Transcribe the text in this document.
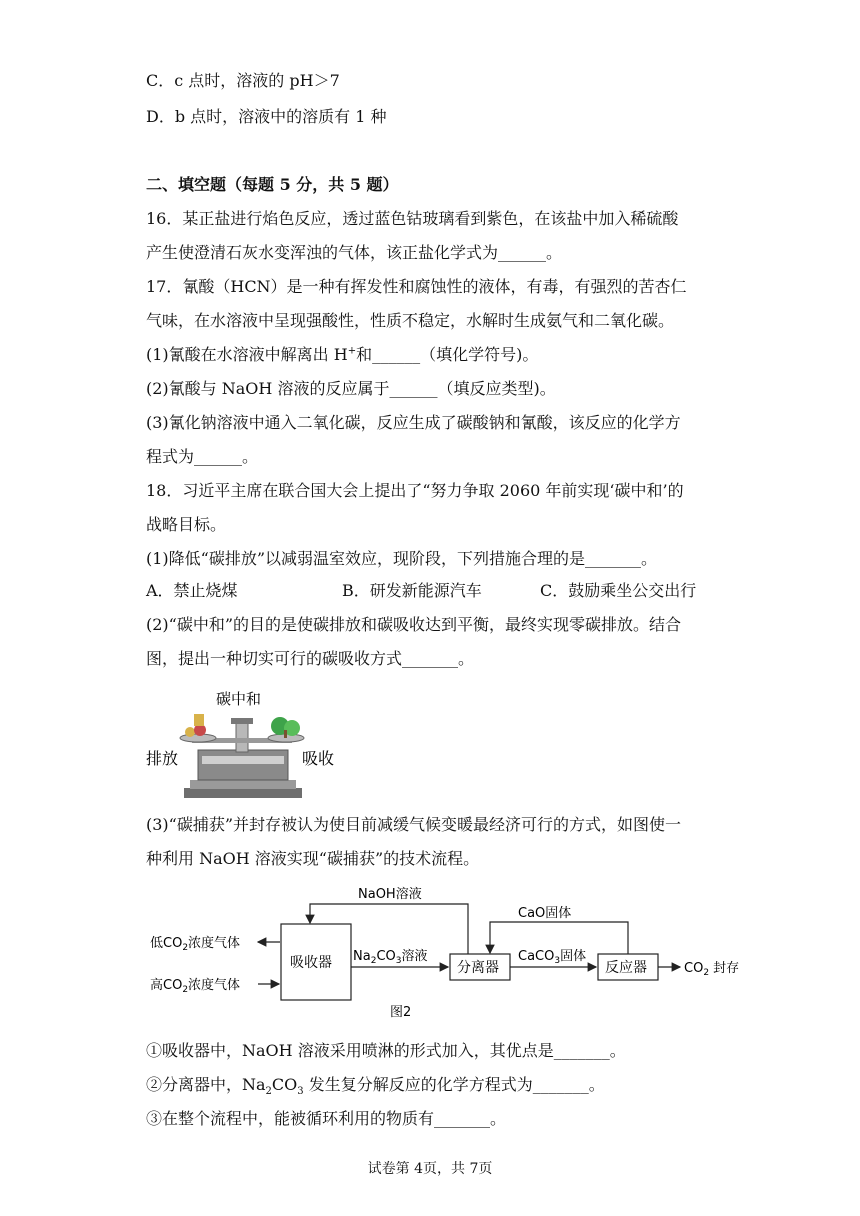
C．c 点时，溶液的 pH＞7
D．b 点时，溶液中的溶质有 1 种
二、填空题（每题 5 分，共 5 题）
16．某正盐进行焰色反应，透过蓝色钴玻璃看到紫色，在该盐中加入稀硫酸
产生使澄清石灰水变浑浊的气体，该正盐化学式为______。
17．氰酸（HCN）是一种有挥发性和腐蚀性的液体，有毒，有强烈的苦杏仁
气味，在水溶液中呈现强酸性，性质不稳定，水解时生成氨气和二氧化碳。
(1)氰酸在水溶液中解离出 H+和______（填化学符号)。
(2)氰酸与 NaOH 溶液的反应属于______（填反应类型)。
(3)氰化钠溶液中通入二氧化碳，反应生成了碳酸钠和氰酸，该反应的化学方
程式为______。
18．习近平主席在联合国大会上提出了“努力争取 2060 年前实现‘碳中和’的
战略目标。
(1)降低“碳排放”以减弱温室效应，现阶段，下列措施合理的是_______。
A．禁止烧煤	B．研发新能源汽车	C．鼓励乘坐公交出行
(2)“碳中和”的目的是使碳排放和碳吸收达到平衡，最终实现零碳排放。结合
图，提出一种切实可行的碳吸收方式_______。
碳中和
排放	吸收
(3)“碳捕获”并封存被认为使目前减缓气候变暖最经济可行的方式，如图使一
种利用 NaOH 溶液实现“碳捕获”的技术流程。
吸收器	分离器	反应器
NaOH溶液
CaO固体
$Na_2CO_3$溶液	CaCO$_3$固体
$CO_2$ 封存
低$CO_2$浓度气体
高$CO_2$浓度气体
图2
①吸收器中，NaOH 溶液采用喷淋的形式加入，其优点是_______。
②分离器中，$Na_2CO_3$ 发生复分解反应的化学方程式为_______。
③在整个流程中，能被循环利用的物质有_______。
试卷第 4页，共 7页
